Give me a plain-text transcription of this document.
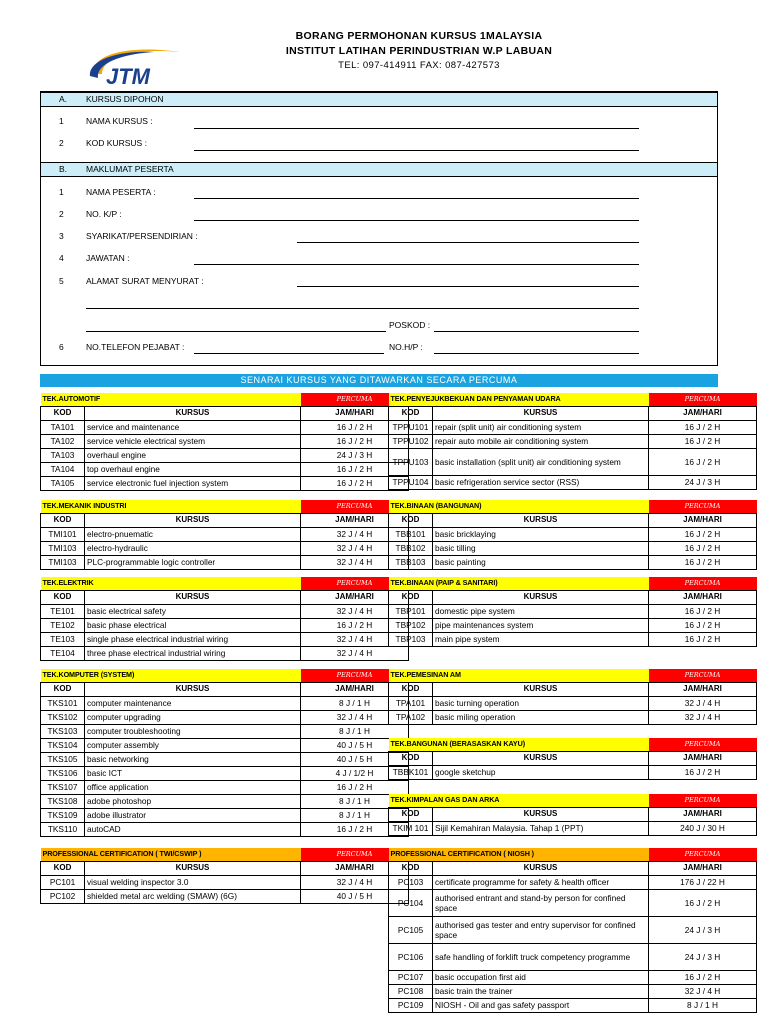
BORANG PERMOHONAN KURSUS 1MALAYSIA
INSTITUT LATIHAN PERINDUSTRIAN W.P LABUAN
TEL: 097-414911 FAX: 087-427573
JTM
A. KURSUS DIPOHON
1	NAMA KURSUS :
2	KOD KURSUS :
B. MAKLUMAT PESERTA
1	NAMA PESERTA :
2	NO. K/P :
3	SYARIKAT/PERSENDIRIAN :
4	JAWATAN :
5	ALAMAT SURAT MENYURAT :
POSKOD :
6	NO.TELEFON PEJABAT :	NO.H/P :
SENARAI KURSUS YANG DITAWARKAN SECARA PERCUMA
TEK.AUTOMOTIF		PERCUMA
KOD	KURSUS	JAM/HARI
TA101	service and maintenance	16 J / 2 H
TA102	service vehicle electrical system	16 J / 2 H
TA103	overhaul engine	24 J / 3 H
TA104	top overhaul engine	16 J / 2 H
TA105	service electronic fuel injection system	16 J / 2 H
TEK.MEKANIK INDUSTRI		PERCUMA
KOD	KURSUS	JAM/HARI
TMI101	electro-pnuematic	32 J / 4 H
TMI103	electro-hydraulic	32 J / 4 H
TMI103	PLC-programmable logic controller	32 J / 4 H
TEK.ELEKTRIK		PERCUMA
KOD	KURSUS	JAM/HARI
TE101	basic electrical safety	32 J / 4 H
TE102	basic phase electrical	16 J / 2 H
TE103	single phase electrical industrial wiring	32 J / 4 H
TE104	three phase electrical industrial wiring	32 J / 4 H
TEK.KOMPUTER (SYSTEM)		PERCUMA
KOD	KURSUS	JAM/HARI
TKS101	computer maintenance	8 J / 1 H
TKS102	computer upgrading	32 J / 4 H
TKS103	computer troubleshooting	8 J / 1 H
TKS104	computer assembly	40 J / 5 H
TKS105	basic networking	40 J / 5 H
TKS106	basic ICT	4 J / 1/2 H
TKS107	office application	16 J / 2 H
TKS108	adobe photoshop	8 J / 1 H
TKS109	adobe illustrator	8 J / 1 H
TKS110	autoCAD	16 J / 2 H
PROFESSIONAL CERTIFICATION ( TWI/CSWIP )		PERCUMA
KOD	KURSUS	JAM/HARI
PC101	visual welding inspector 3.0	32 J / 4 H
PC102	shielded metal arc welding (SMAW) (6G)	40 J / 5 H
TEK.PENYEJUKBEKUAN DAN PENYAMAN UDARA		PERCUMA
KOD	KURSUS	JAM/HARI
TPPU101	repair (split unit) air conditioning system	16 J / 2 H
TPPU102	repair auto mobile air conditioning system	16 J / 2 H
TPPU103	basic installation (split unit) air conditioning system	16 J / 2 H
TPPU104	basic refrigeration service sector (RSS)	24 J / 3 H
TEK.BINAAN (BANGUNAN)		PERCUMA
KOD	KURSUS	JAM/HARI
TBB101	basic bricklaying	16 J / 2 H
TBB102	basic tilling	16 J / 2 H
TBB103	basic painting	16 J / 2 H
TEK.BINAAN (PAIP & SANITARI)		PERCUMA
KOD	KURSUS	JAM/HARI
TBP101	domestic pipe system	16 J / 2 H
TBP102	pipe maintenances system	16 J / 2 H
TBP103	main pipe system	16 J / 2 H
TEK.PEMESINAN AM		PERCUMA
KOD	KURSUS	JAM/HARI
TPA101	basic turning operation	32 J / 4 H
TPA102	basic miling operation	32 J / 4 H
TEK.BANGUNAN (BERASASKAN KAYU)		PERCUMA
KOD	KURSUS	JAM/HARI
TBBK101	google sketchup	16 J / 2 H
TEK.KIMPALAN GAS DAN ARKA		PERCUMA
KOD	KURSUS	JAM/HARI
TKIM 101	Sijil Kemahiran Malaysia. Tahap 1 (PPT)	240 J / 30 H
PROFESSIONAL CERTIFICATION ( NIOSH )		PERCUMA
KOD	KURSUS	JAM/HARI
PC103	certificate programme for safety & health officer	176 J / 22 H
PC104	authorised entrant and stand-by person for confined space	16 J / 2 H
PC105	authorised gas tester and entry supervisor for confined space	24 J / 3 H
PC106	safe handling of forklift truck competency programme	24 J / 3 H
PC107	basic occupation first aid	16 J / 2 H
PC108	basic train the trainer	32 J / 4 H
PC109	NIOSH - Oil and gas safety passport	8 J / 1 H
